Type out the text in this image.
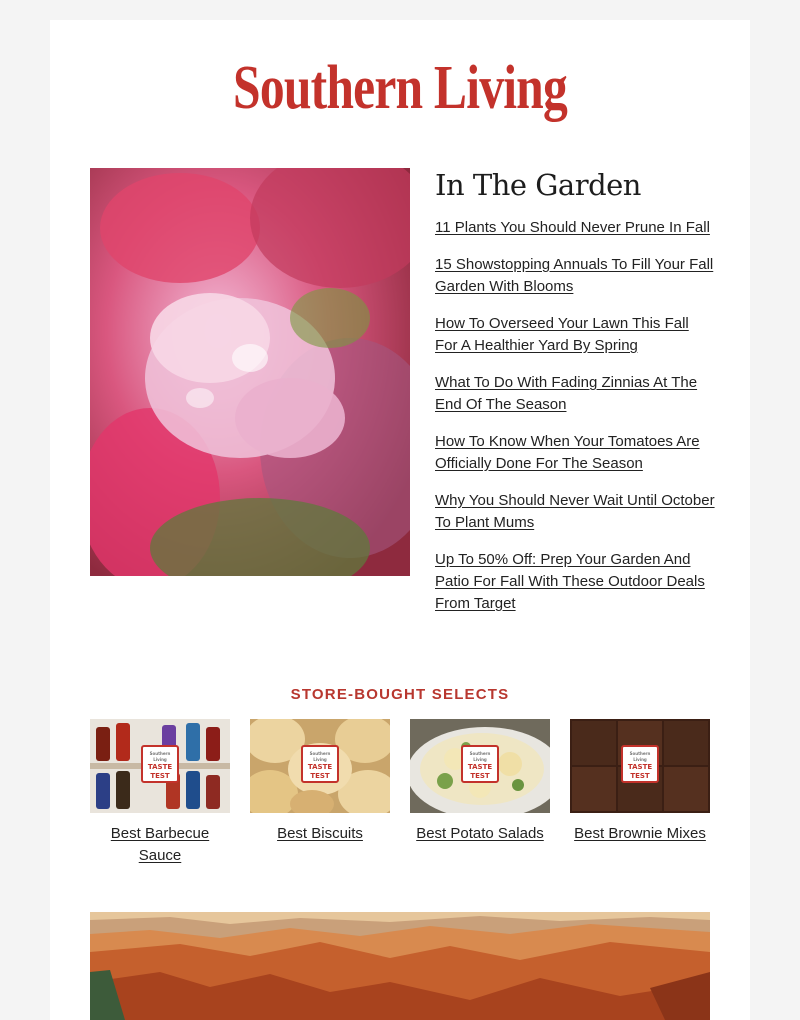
Southern Living
In The Garden
11 Plants You Should Never Prune In Fall
15 Showstopping Annuals To Fill Your Fall Garden With Blooms
How To Overseed Your Lawn This Fall For A Healthier Yard By Spring
What To Do With Fading Zinnias At The End Of The Season
How To Know When Your Tomatoes Are Officially Done For The Season
Why You Should Never Wait Until October To Plant Mums
Up To 50% Off: Prep Your Garden And Patio For Fall With These Outdoor Deals From Target
STORE-BOUGHT SELECTS
Southern Living
TASTE
TEST
Best Barbecue Sauce
Southern Living
TASTE
TEST
Best Biscuits
Southern Living
TASTE
TEST
Best Potato Salads
Southern Living
TASTE
TEST
Best Brownie Mixes
